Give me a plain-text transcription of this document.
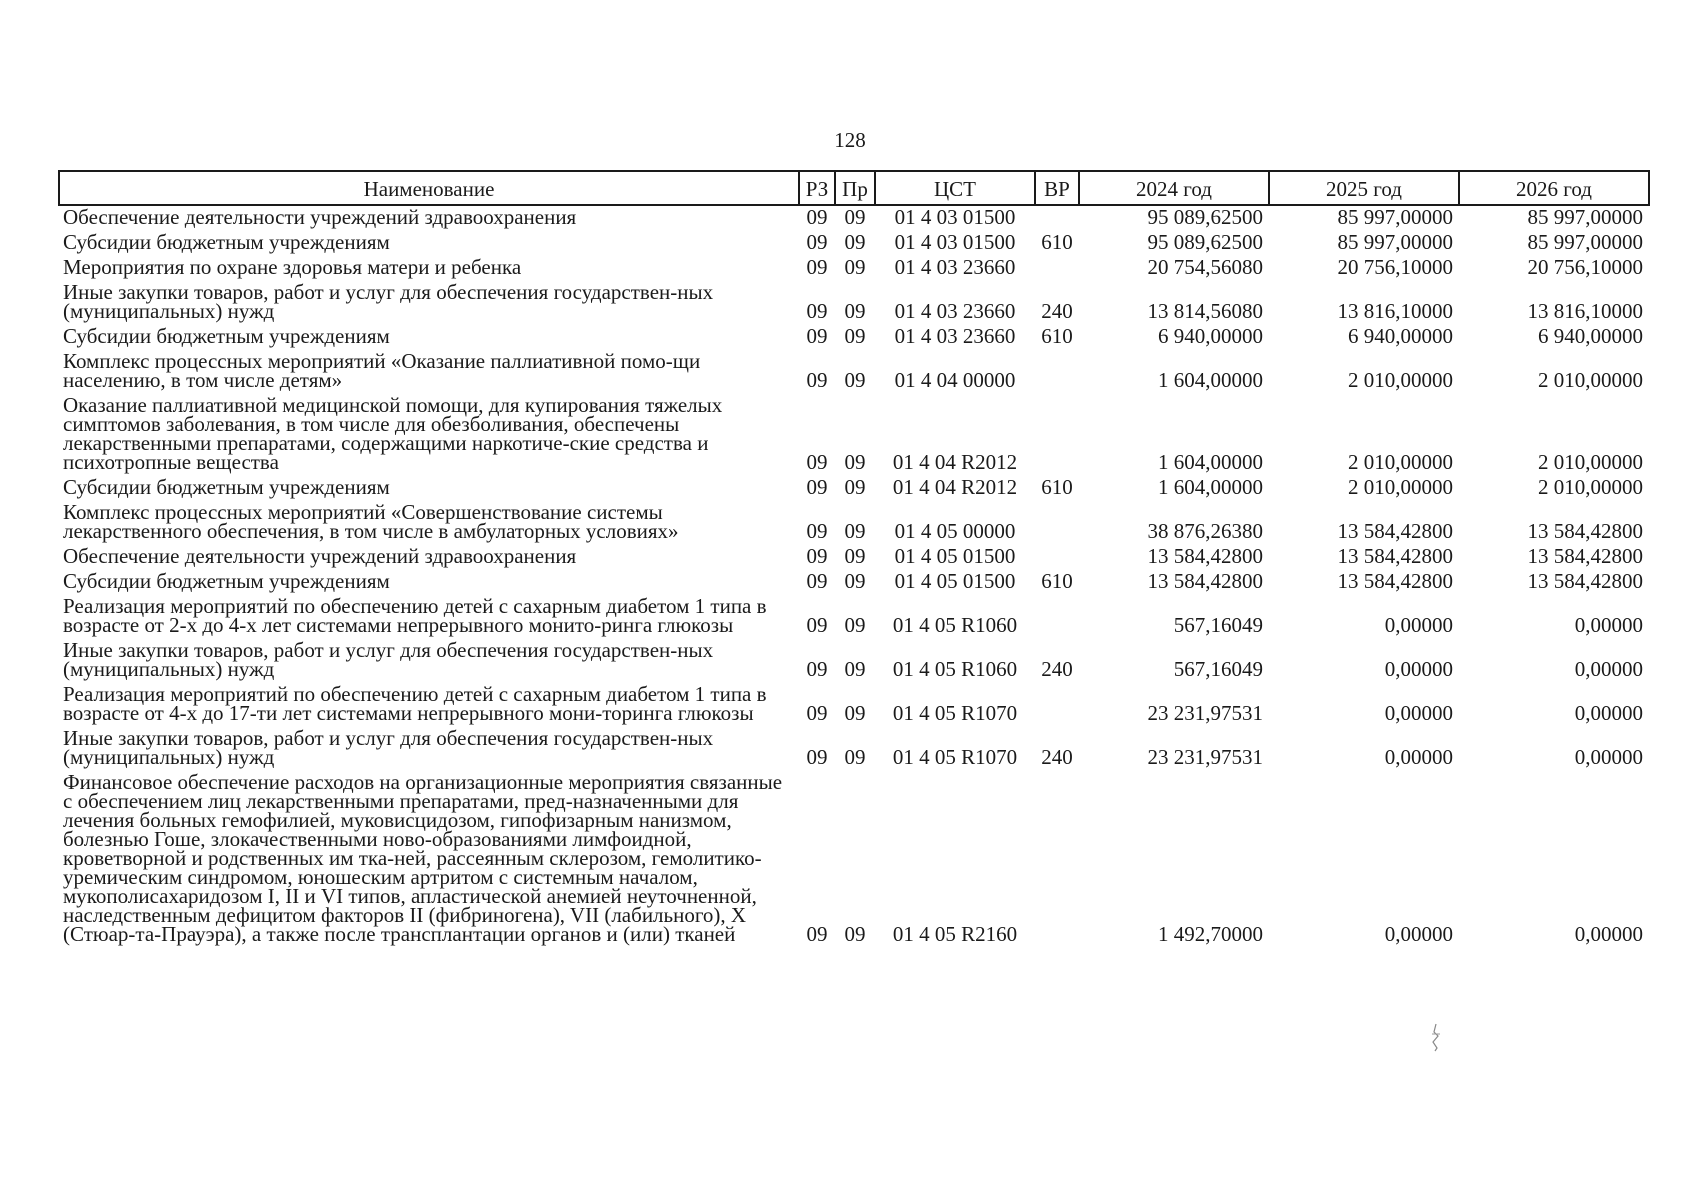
128
Наименование	РЗ	Пр	ЦСТ	ВР	2024 год	2025 год	2026 год
Обеспечение деятельности учреждений здравоохранения	09	09	01 4 03 01500		95 089,62500	85 997,00000	85 997,00000
Субсидии бюджетным учреждениям	09	09	01 4 03 01500	610	95 089,62500	85 997,00000	85 997,00000
Мероприятия по охране здоровья матери и ребенка	09	09	01 4 03 23660		20 754,56080	20 756,10000	20 756,10000
Иные закупки товаров, работ и услуг для обеспечения государствен-ных (муниципальных) нужд	09	09	01 4 03 23660	240	13 814,56080	13 816,10000	13 816,10000
Субсидии бюджетным учреждениям	09	09	01 4 03 23660	610	6 940,00000	6 940,00000	6 940,00000
Комплекс процессных мероприятий «Оказание паллиативной помо-щи населению, в том числе детям»	09	09	01 4 04 00000		1 604,00000	2 010,00000	2 010,00000
Оказание паллиативной медицинской помощи, для купирования тяжелых симптомов заболевания, в том числе для обезболивания, обеспечены лекарственными препаратами, содержащими наркотиче-ские средства и психотропные вещества	09	09	01 4 04 R2012		1 604,00000	2 010,00000	2 010,00000
Субсидии бюджетным учреждениям	09	09	01 4 04 R2012	610	1 604,00000	2 010,00000	2 010,00000
Комплекс процессных мероприятий «Совершенствование системы лекарственного обеспечения, в том числе в амбулаторных условиях»	09	09	01 4 05 00000		38 876,26380	13 584,42800	13 584,42800
Обеспечение деятельности учреждений здравоохранения	09	09	01 4 05 01500		13 584,42800	13 584,42800	13 584,42800
Субсидии бюджетным учреждениям	09	09	01 4 05 01500	610	13 584,42800	13 584,42800	13 584,42800
Реализация мероприятий по обеспечению детей с сахарным диабетом 1 типа в возрасте от 2-х до 4-х лет системами непрерывного монито-ринга глюкозы	09	09	01 4 05 R1060		567,16049	0,00000	0,00000
Иные закупки товаров, работ и услуг для обеспечения государствен-ных (муниципальных) нужд	09	09	01 4 05 R1060	240	567,16049	0,00000	0,00000
Реализация мероприятий по обеспечению детей с сахарным диабетом 1 типа в возрасте от 4-х до 17-ти лет системами непрерывного мони-торинга глюкозы	09	09	01 4 05 R1070		23 231,97531	0,00000	0,00000
Иные закупки товаров, работ и услуг для обеспечения государствен-ных (муниципальных) нужд	09	09	01 4 05 R1070	240	23 231,97531	0,00000	0,00000
Финансовое обеспечение расходов на организационные мероприятия связанные с обеспечением лиц лекарственными препаратами, пред-назначенными для лечения больных гемофилией, муковисцидозом, гипофизарным нанизмом, болезнью Гоше, злокачественными ново-образованиями лимфоидной, кроветворной и родственных им тка-ней, рассеянным склерозом, гемолитико-уремическим синдромом, юношеским артритом с системным началом, мукополисахаридозом I, II и VI типов, апластической анемией неуточненной, наследственным дефицитом факторов II (фибриногена), VII (лабильного), X (Стюар-та-Прауэра), а также после трансплантации органов и (или) тканей	09	09	01 4 05 R2160		1 492,70000	0,00000	0,00000
